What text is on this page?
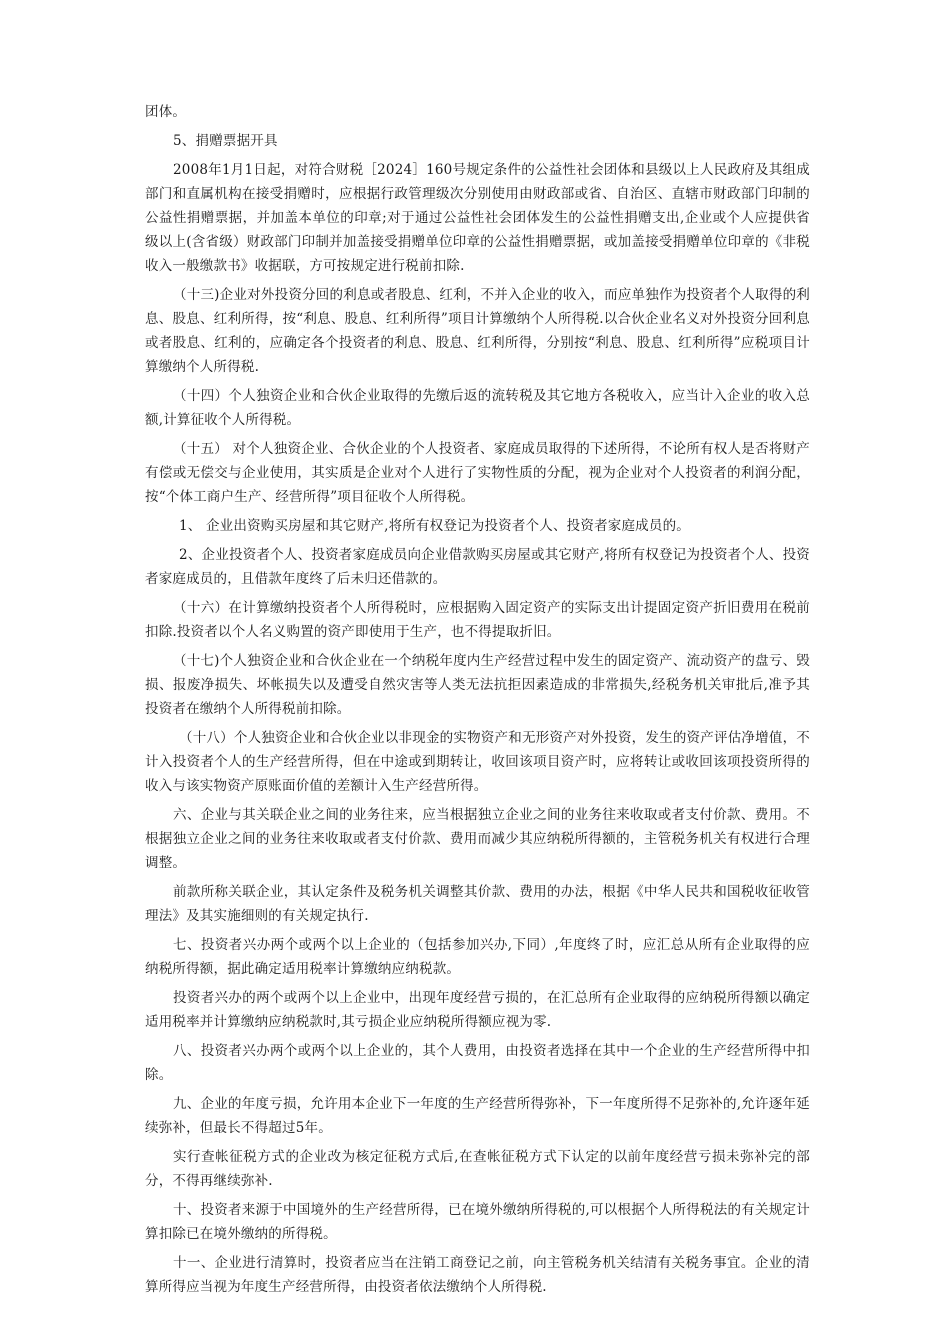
团体。

5、捐赠票据开具

2008年1月1日起，对符合财税［2024］160号规定条件的公益性社会团体和县级以上人民政府及其组成部门和直属机构在接受捐赠时，应根据行政管理级次分别使用由财政部或省、自治区、直辖市财政部门印制的公益性捐赠票据，并加盖本单位的印章;对于通过公益性社会团体发生的公益性捐赠支出,企业或个人应提供省级以上(含省级）财政部门印制并加盖接受捐赠单位印章的公益性捐赠票据，或加盖接受捐赠单位印章的《非税收入一般缴款书》收据联，方可按规定进行税前扣除.

（十三)企业对外投资分回的利息或者股息、红利，不并入企业的收入，而应单独作为投资者个人取得的利息、股息、红利所得，按“利息、股息、红利所得”项目计算缴纳个人所得税.以合伙企业名义对外投资分回利息或者股息、红利的，应确定各个投资者的利息、股息、红利所得，分别按“利息、股息、红利所得”应税项目计算缴纳个人所得税.

（十四）个人独资企业和合伙企业取得的先缴后返的流转税及其它地方各税收入，应当计入企业的收入总额,计算征收个人所得税。

（十五） 对个人独资企业、合伙企业的个人投资者、家庭成员取得的下述所得，不论所有权人是否将财产有偿或无偿交与企业使用，其实质是企业对个人进行了实物性质的分配，视为企业对个人投资者的利润分配，按“个体工商户生产、经营所得”项目征收个人所得税。

1、 企业出资购买房屋和其它财产,将所有权登记为投资者个人、投资者家庭成员的。

2、企业投资者个人、投资者家庭成员向企业借款购买房屋或其它财产,将所有权登记为投资者个人、投资者家庭成员的，且借款年度终了后未归还借款的。

（十六）在计算缴纳投资者个人所得税时，应根据购入固定资产的实际支出计提固定资产折旧费用在税前扣除.投资者以个人名义购置的资产即使用于生产，也不得提取折旧。

（十七)个人独资企业和合伙企业在一个纳税年度内生产经营过程中发生的固定资产、流动资产的盘亏、毁损、报废净损失、坏帐损失以及遭受自然灾害等人类无法抗拒因素造成的非常损失,经税务机关审批后,准予其投资者在缴纳个人所得税前扣除。

（十八）个人独资企业和合伙企业以非现金的实物资产和无形资产对外投资，发生的资产评估净增值，不计入投资者个人的生产经营所得，但在中途或到期转让，收回该项目资产时，应将转让或收回该项投资所得的收入与该实物资产原账面价值的差额计入生产经营所得。

六、企业与其关联企业之间的业务往来，应当根据独立企业之间的业务往来收取或者支付价款、费用。不根据独立企业之间的业务往来收取或者支付价款、费用而减少其应纳税所得额的，主管税务机关有权进行合理调整。

前款所称关联企业，其认定条件及税务机关调整其价款、费用的办法，根据《中华人民共和国税收征收管理法》及其实施细则的有关规定执行.

七、投资者兴办两个或两个以上企业的（包括参加兴办,下同）,年度终了时，应汇总从所有企业取得的应纳税所得额，据此确定适用税率计算缴纳应纳税款。

投资者兴办的两个或两个以上企业中，出现年度经营亏损的，在汇总所有企业取得的应纳税所得额以确定适用税率并计算缴纳应纳税款时,其亏损企业应纳税所得额应视为零.

八、投资者兴办两个或两个以上企业的，其个人费用，由投资者选择在其中一个企业的生产经营所得中扣除。

九、企业的年度亏损，允许用本企业下一年度的生产经营所得弥补，下一年度所得不足弥补的,允许逐年延续弥补，但最长不得超过5年。

实行查帐征税方式的企业改为核定征税方式后,在查帐征税方式下认定的以前年度经营亏损未弥补完的部分，不得再继续弥补.

十、投资者来源于中国境外的生产经营所得，已在境外缴纳所得税的,可以根据个人所得税法的有关规定计算扣除已在境外缴纳的所得税。

十一、企业进行清算时，投资者应当在注销工商登记之前，向主管税务机关结清有关税务事宜。企业的清算所得应当视为年度生产经营所得，由投资者依法缴纳个人所得税.
